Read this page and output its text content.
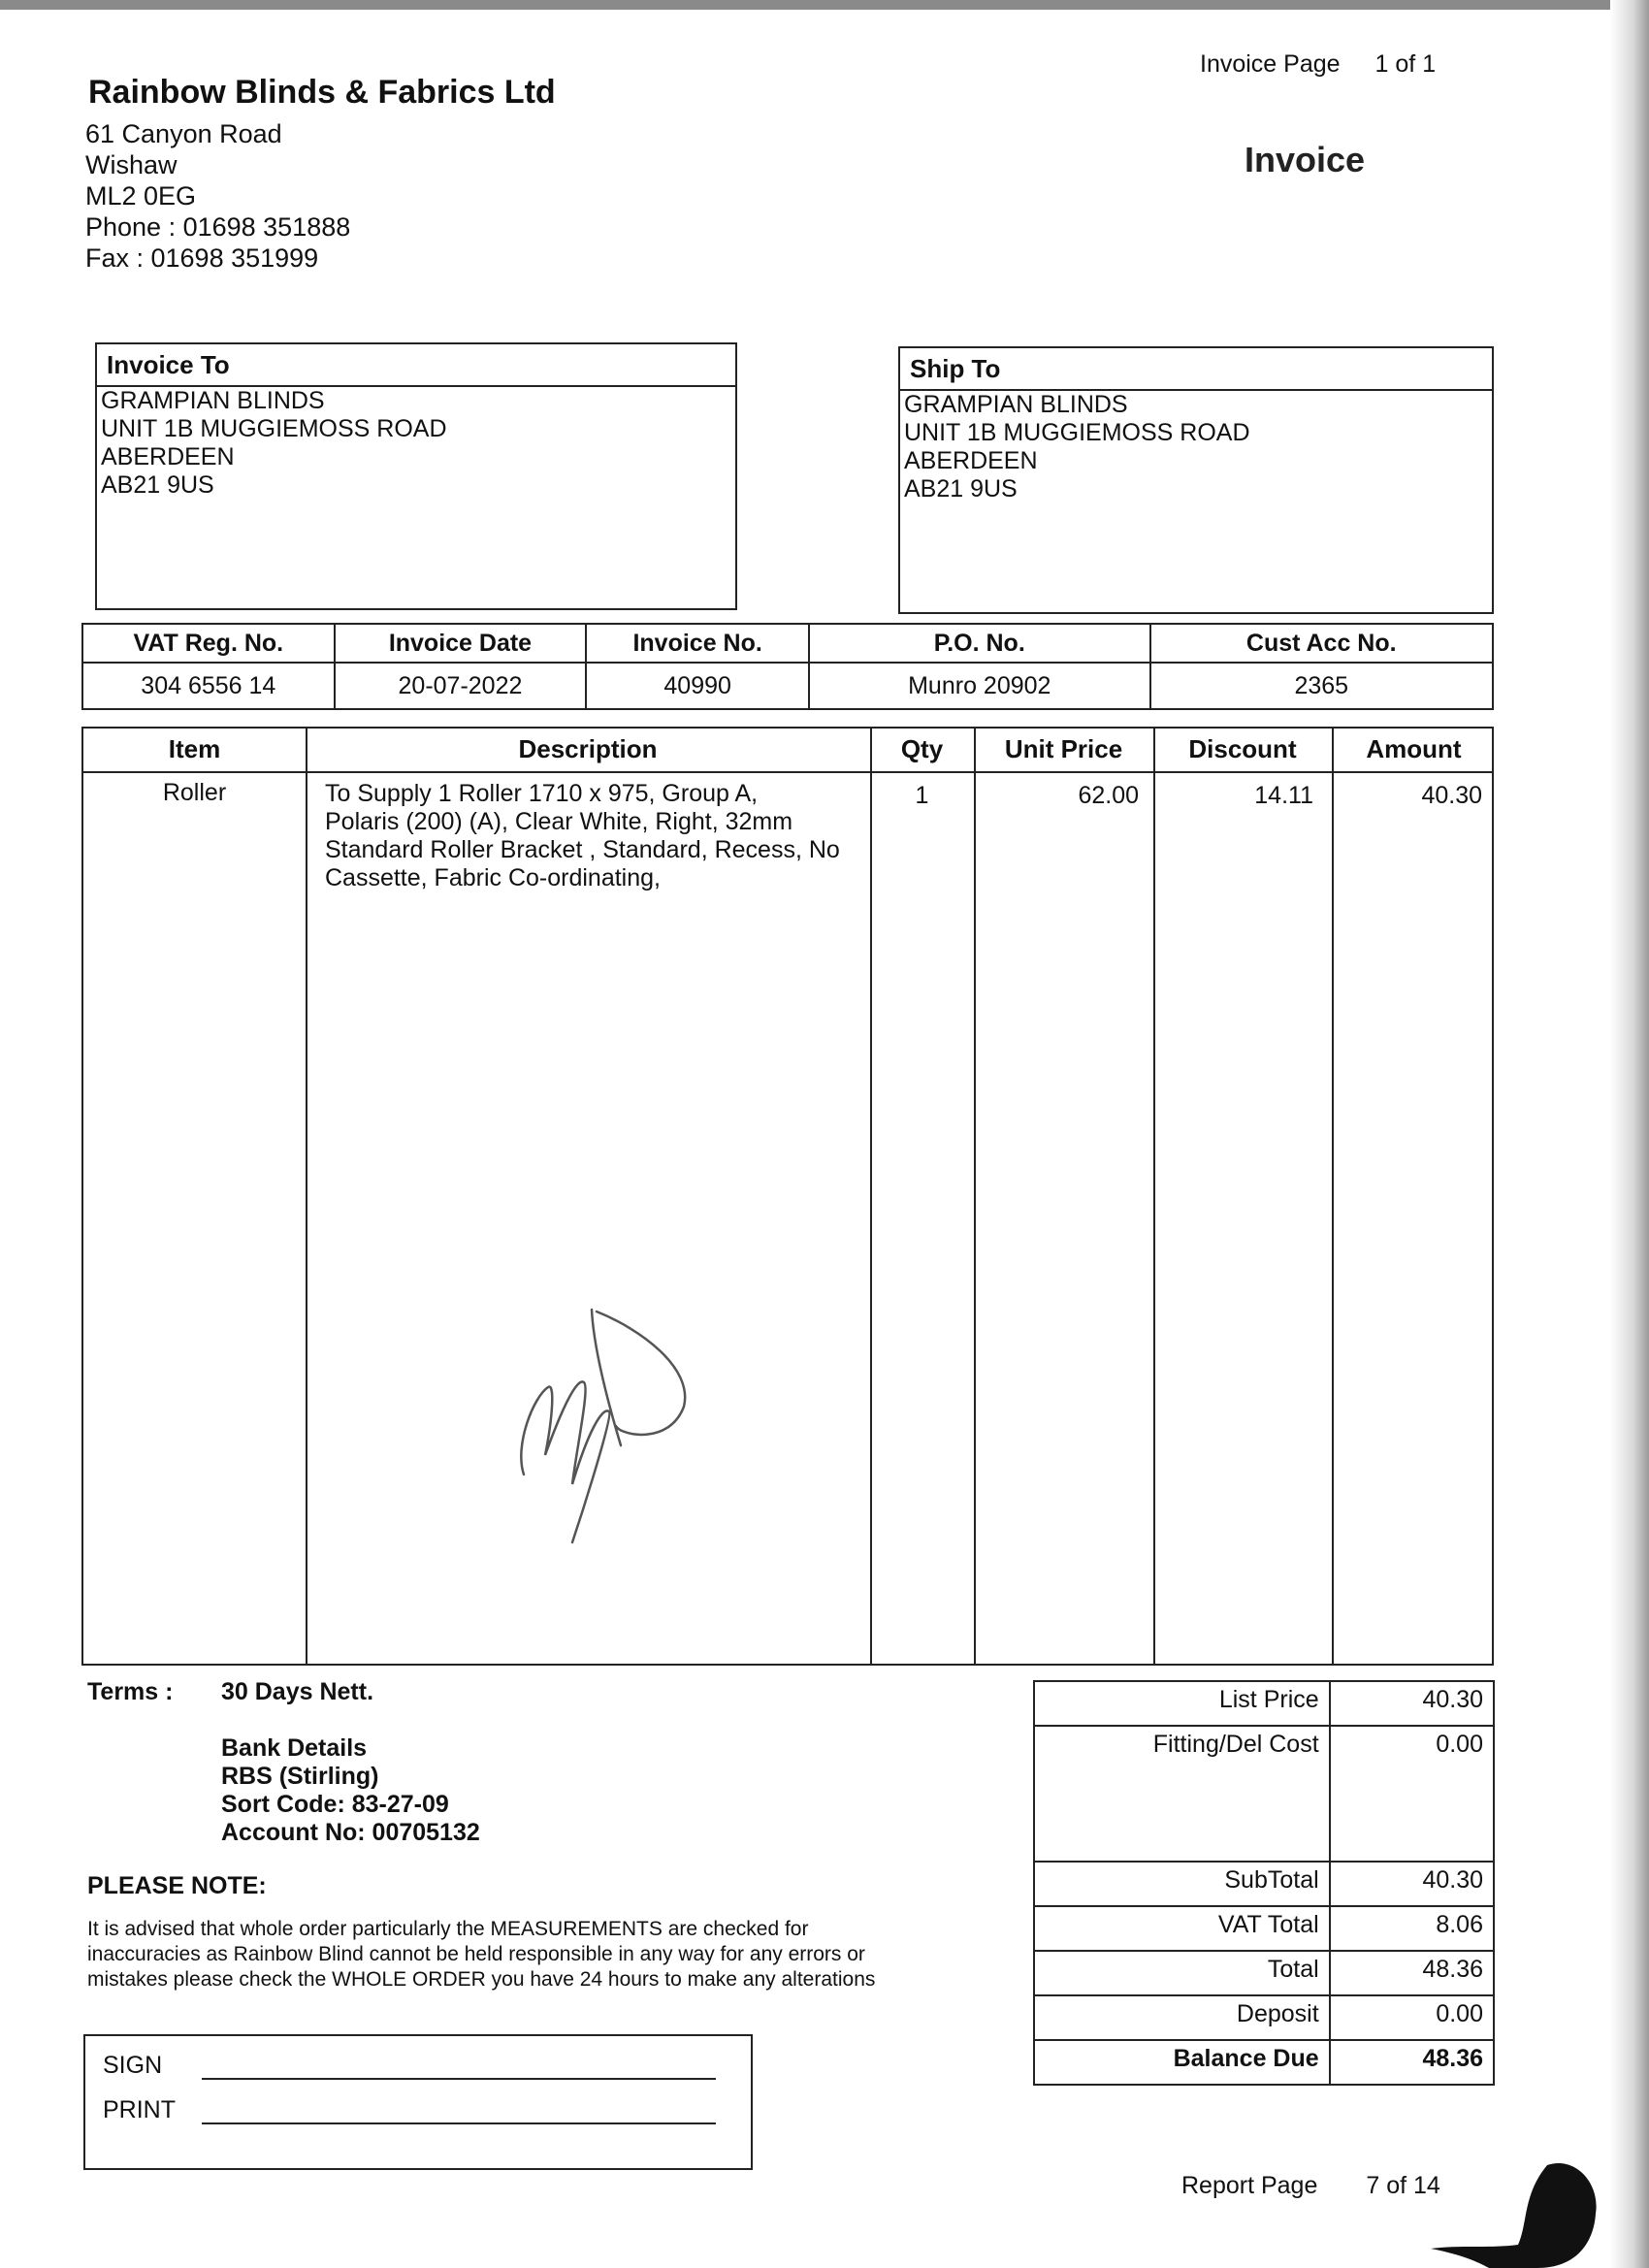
Rainbow Blinds & Fabrics Ltd
61 Canyon Road
Wishaw
ML2 0EG
Phone : 01698 351888
Fax : 01698 351999
Invoice Page 1 of 1
Invoice
Invoice To
GRAMPIAN BLINDS
UNIT 1B MUGGIEMOSS ROAD
ABERDEEN
AB21 9US
Ship To
GRAMPIAN BLINDS
UNIT 1B MUGGIEMOSS ROAD
ABERDEEN
AB21 9US
VAT Reg. No.	Invoice Date	Invoice No.	P.O. No.	Cust Acc No.
304 6556 14	20-07-2022	40990	Munro 20902	2365
Item	Description	Qty	Unit Price	Discount	Amount
Roller	To Supply 1 Roller 1710 x 975, Group A,
Polaris (200) (A), Clear White, Right, 32mm
Standard Roller Bracket , Standard, Recess, No
Cassette, Fabric Co-ordinating,
1	62.00	14.11	40.30
Terms : 30 Days Nett.
Bank Details
RBS (Stirling)
Sort Code: 83-27-09
Account No: 00705132
PLEASE NOTE:
It is advised that whole order particularly the MEASUREMENTS are checked for
inaccuracies as Rainbow Blind cannot be held responsible in any way for any errors or
mistakes please check the WHOLE ORDER you have 24 hours to make any alterations
SIGN
PRINT
List Price	40.30
Fitting/Del Cost	0.00
SubTotal	40.30
VAT Total	8.06
Total	48.36
Deposit	0.00
Balance Due	48.36
Report Page 7 of 14
